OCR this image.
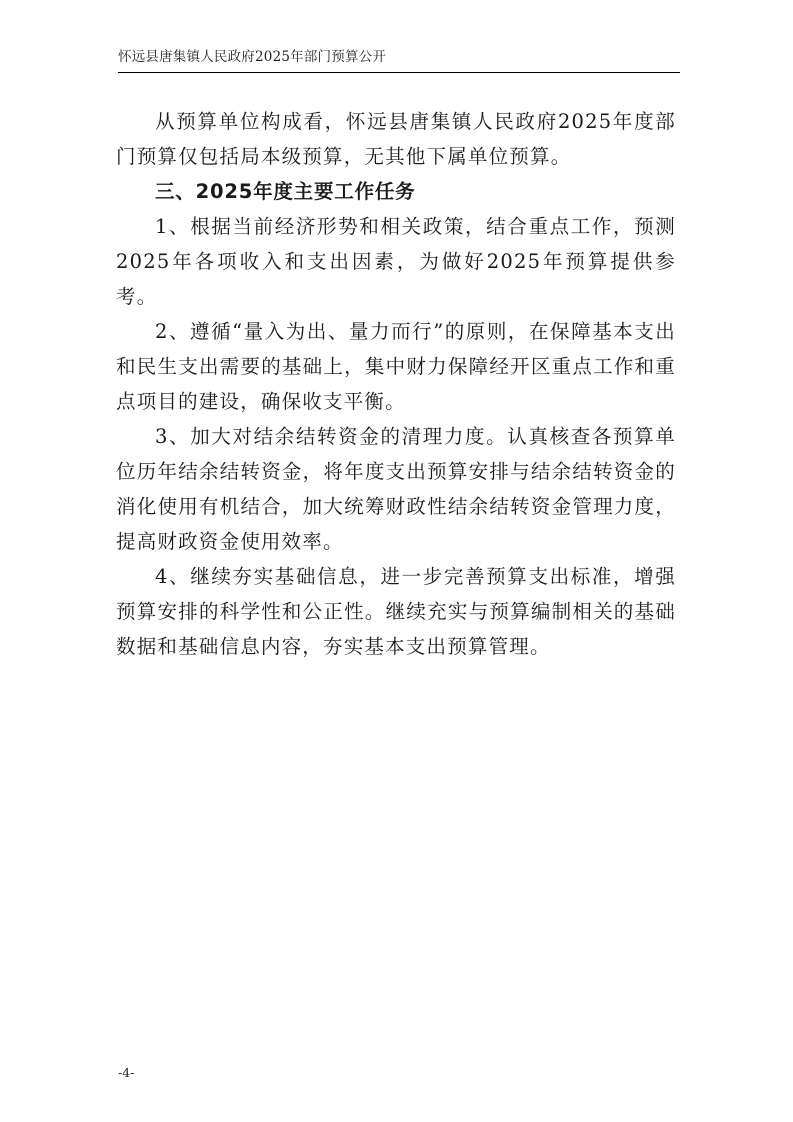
怀远县唐集镇人民政府2025年部门预算公开

从预算单位构成看，怀远县唐集镇人民政府2025年度部门预算仅包括局本级预算，无其他下属单位预算。

三、2025年度主要工作任务

1、根据当前经济形势和相关政策，结合重点工作，预测2025年各项收入和支出因素，为做好2025年预算提供参考。

2、遵循“量入为出、量力而行”的原则，在保障基本支出和民生支出需要的基础上，集中财力保障经开区重点工作和重点项目的建设，确保收支平衡。

3、加大对结余结转资金的清理力度。认真核查各预算单位历年结余结转资金，将年度支出预算安排与结余结转资金的消化使用有机结合，加大统筹财政性结余结转资金管理力度，提高财政资金使用效率。

4、继续夯实基础信息，进一步完善预算支出标准，增强预算安排的科学性和公正性。继续充实与预算编制相关的基础数据和基础信息内容，夯实基本支出预算管理。

-4-
